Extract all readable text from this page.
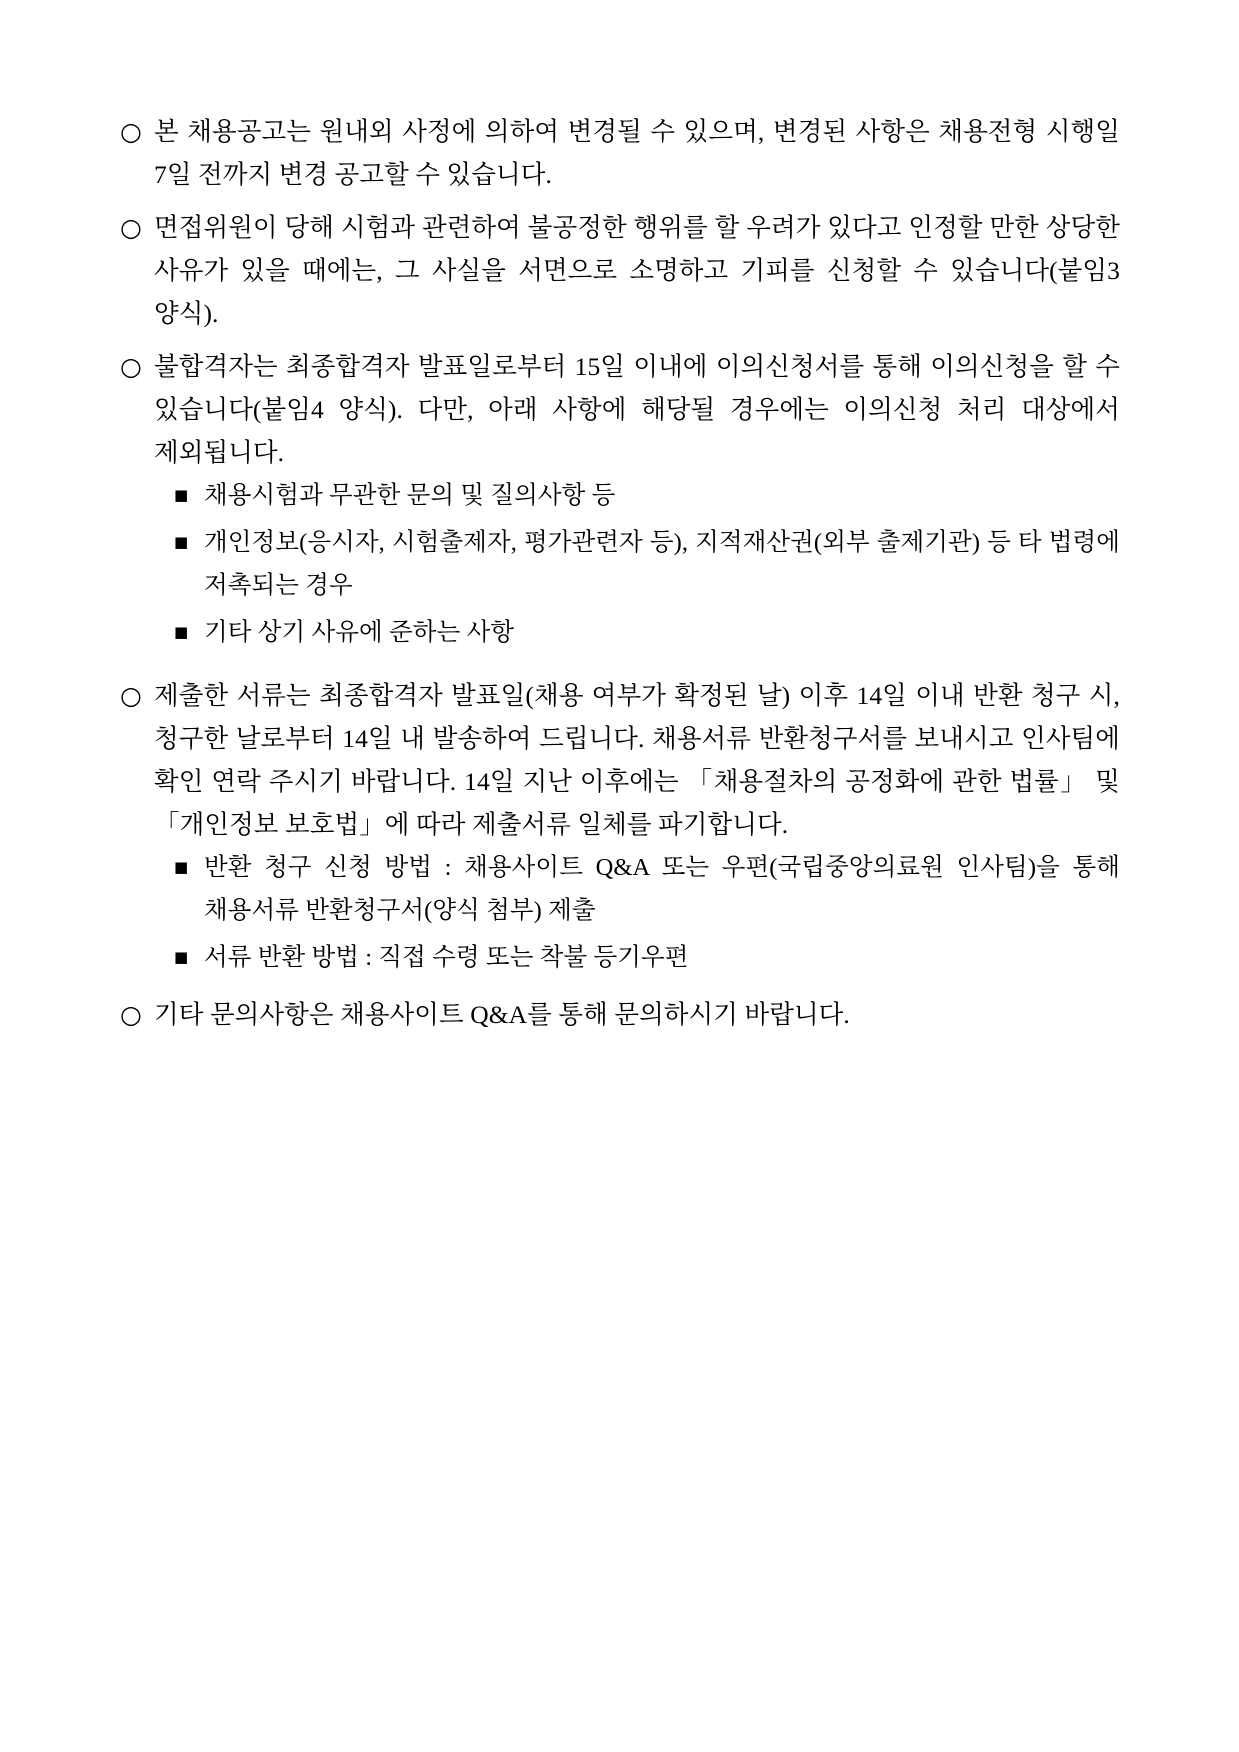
○ 본 채용공고는 원내외 사정에 의하여 변경될 수 있으며, 변경된 사항은 채용전형 시행일 7일 전까지 변경 공고할 수 있습니다.
○ 면접위원이 당해 시험과 관련하여 불공정한 행위를 할 우려가 있다고 인정할 만한 상당한 사유가 있을 때에는, 그 사실을 서면으로 소명하고 기피를 신청할 수 있습니다(붙임3 양식).
○ 불합격자는 최종합격자 발표일로부터 15일 이내에 이의신청서를 통해 이의신청을 할 수 있습니다(붙임4 양식). 다만, 아래 사항에 해당될 경우에는 이의신청 처리 대상에서 제외됩니다.
■ 채용시험과 무관한 문의 및 질의사항 등
■ 개인정보(응시자, 시험출제자, 평가관련자 등), 지적재산권(외부 출제기관) 등 타 법령에 저촉되는 경우
■ 기타 상기 사유에 준하는 사항
○ 제출한 서류는 최종합격자 발표일(채용 여부가 확정된 날) 이후 14일 이내 반환 청구 시, 청구한 날로부터 14일 내 발송하여 드립니다. 채용서류 반환청구서를 보내시고 인사팀에 확인 연락 주시기 바랍니다. 14일 지난 이후에는 「채용절차의 공정화에 관한 법률」 및 「개인정보 보호법」에 따라 제출서류 일체를 파기합니다.
■ 반환 청구 신청 방법 : 채용사이트 Q&A 또는 우편(국립중앙의료원 인사팀)을 통해 채용서류 반환청구서(양식 첨부) 제출
■ 서류 반환 방법 : 직접 수령 또는 착불 등기우편
○ 기타 문의사항은 채용사이트 Q&A를 통해 문의하시기 바랍니다.
